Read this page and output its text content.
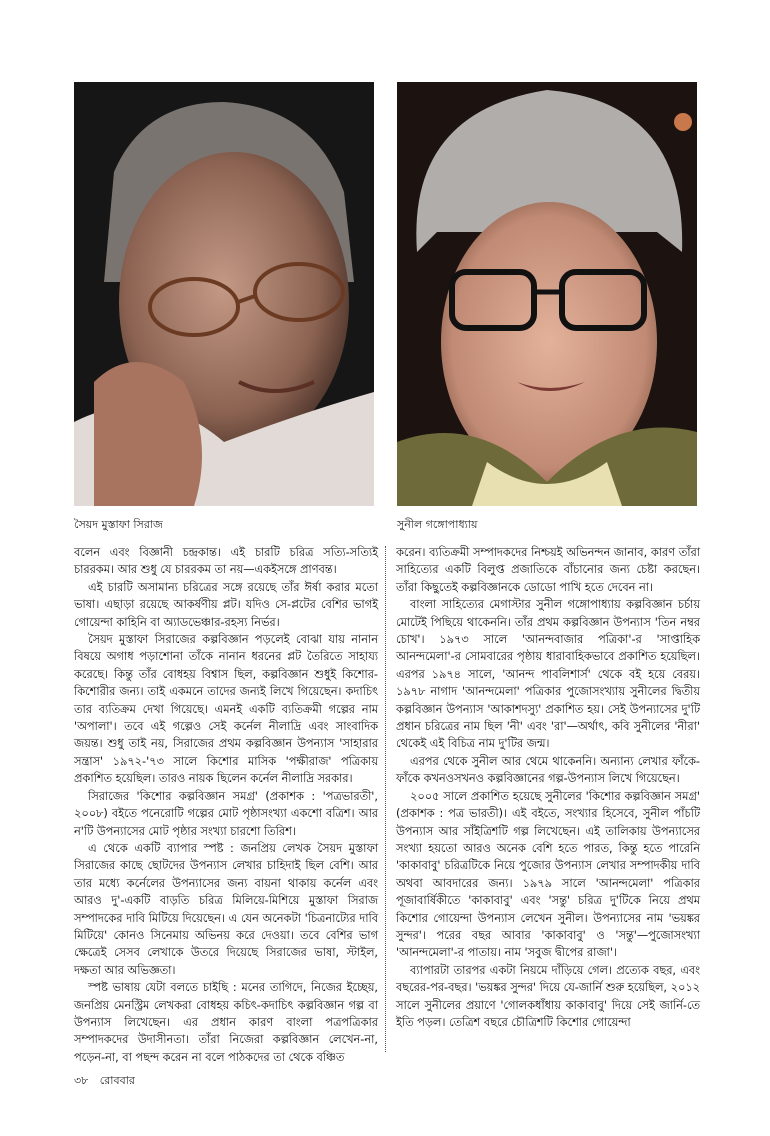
সৈয়দ মুস্তাফা সিরাজ	সুনীল গঙ্গোপাধ্যায়

বলেন এবং বিজ্ঞানী চন্দ্রকান্ত। এই চারটি চরিত্র সত্যি-সত্যিই চাররকম। আর শুধু যে চাররকম তা নয়—একইসঙ্গে প্রাণবন্ত।

এই চারটি অসামান্য চরিত্রের সঙ্গে রয়েছে তাঁর ঈর্ষা করার মতো ভাষা। এছাড়া রয়েছে আকর্ষণীয় প্লট। যদিও সে-প্লটের বেশির ভাগই গোয়েন্দা কাহিনি বা অ্যাডভেঞ্চার-রহস্য নির্ভর।

সৈয়দ মুস্তাফা সিরাজের কল্পবিজ্ঞান পড়লেই বোঝা যায় নানান বিষয়ে অগাধ পড়াশোনা তাঁকে নানান ধরনের প্লট তৈরিতে সাহায্য করেছে। কিন্তু তাঁর বোধহয় বিশ্বাস ছিল, কল্পবিজ্ঞান শুধুই কিশোর-কিশোরীর জন্য। তাই একমনে তাদের জন্যই লিখে গিয়েছেন। কদাচিৎ তার ব্যতিক্রম দেখা গিয়েছে। এমনই একটি ব্যতিক্রমী গল্পের নাম 'অপালা'। তবে এই গল্পেও সেই কর্নেল নীলাদ্রি এবং সাংবাদিক জয়ন্ত। শুধু তাই নয়, সিরাজের প্রথম কল্পবিজ্ঞান উপন্যাস 'সাহারার সন্ত্রাস' ১৯৭২-'৭৩ সালে কিশোর মাসিক 'পক্ষীরাজ' পত্রিকায় প্রকাশিত হয়েছিল। তারও নায়ক ছিলেন কর্নেল নীলাদ্রি সরকার।

সিরাজের 'কিশোর কল্পবিজ্ঞান সমগ্র' (প্রকাশক : 'পত্রভারতী', ২০০৮) বইতে পনেরোটি গল্পের মোট পৃষ্ঠাসংখ্যা একশো বত্রিশ। আর ন'টি উপন্যাসের মোট পৃষ্ঠার সংখ্যা চারশো তিরিশ।

এ থেকে একটি ব্যাপার স্পষ্ট : জনপ্রিয় লেখক সৈয়দ মুস্তাফা সিরাজের কাছে ছোটদের উপন্যাস লেখার চাহিদাই ছিল বেশি। আর তার মধ্যে কর্নেলের উপন্যাসের জন্য বায়না থাকায় কর্নেল এবং আরও দু'-একটি বাড়তি চরিত্র মিলিয়ে-মিশিয়ে মুস্তাফা সিরাজ সম্পাদকের দাবি মিটিয়ে দিয়েছেন। এ যেন অনেকটা 'চিত্রনাট্যের দাবি মিটিয়ে' কোনও সিনেমায় অভিনয় করে দেওয়া। তবে বেশির ভাগ ক্ষেত্রেই সেসব লেখাকে উতরে দিয়েছে সিরাজের ভাষা, স্টাইল, দক্ষতা আর অভিজ্ঞতা।

স্পষ্ট ভাষায় যেটা বলতে চাইছি : মনের তাগিদে, নিজের ইচ্ছেয়, জনপ্রিয় মেনস্ট্রিম লেখকরা বোধহয় কচিৎ-কদাচিৎ কল্পবিজ্ঞান গল্প বা উপন্যাস লিখেছেন। এর প্রধান কারণ বাংলা পত্রপত্রিকার সম্পাদকদের উদাসীনতা। তাঁরা নিজেরা কল্পবিজ্ঞান লেখেন-না, পড়েন-না, বা পছন্দ করেন না বলে পাঠকদের তা থেকে বঞ্চিত

করেন। ব্যতিক্রমী সম্পাদকদের নিশ্চয়ই অভিনন্দন জানাব, কারণ তাঁরা সাহিত্যের একটি বিলুপ্ত প্রজাতিকে বাঁচানোর জন্য চেষ্টা করছেন। তাঁরা কিছুতেই কল্পবিজ্ঞানকে ডোডো পাখি হতে দেবেন না।

বাংলা সাহিত্যের মেগাস্টার সুনীল গঙ্গোপাধ্যায় কল্পবিজ্ঞান চর্চায় মোটেই পিছিয়ে থাকেননি। তাঁর প্রথম কল্পবিজ্ঞান উপন্যাস 'তিন নম্বর চোখ'। ১৯৭৩ সালে 'আনন্দবাজার পত্রিকা'-র 'সাপ্তাহিক আনন্দমেলা'-র সোমবারের পৃষ্ঠায় ধারাবাহিকভাবে প্রকাশিত হয়েছিল। এরপর ১৯৭৪ সালে, 'আনন্দ পাবলিশার্স' থেকে বই হয়ে বেরয়। ১৯৭৮ নাগাদ 'আনন্দমেলা' পত্রিকার পুজোসংখ্যায় সুনীলের দ্বিতীয় কল্পবিজ্ঞান উপন্যাস 'আকাশদস্যু' প্রকাশিত হয়। সেই উপন্যাসের দু'টি প্রধান চরিত্রের নাম ছিল 'নী' এবং 'রা'—অর্থাৎ, কবি সুনীলের 'নীরা' থেকেই এই বিচিত্র নাম দু'টির জন্ম।

এরপর থেকে সুনীল আর থেমে থাকেননি। অন্যান্য লেখার ফাঁকে-ফাঁকে কখনওসখনও কল্পবিজ্ঞানের গল্প-উপন্যাস লিখে গিয়েছেন।

২০০৫ সালে প্রকাশিত হয়েছে সুনীলের 'কিশোর কল্পবিজ্ঞান সমগ্র' (প্রকাশক : পত্র ভারতী)। এই বইতে, সংখ্যার হিসেবে, সুনীল পাঁচটি উপন্যাস আর সাঁইত্রিশটি গল্প লিখেছেন। এই তালিকায় উপন্যাসের সংখ্যা হয়তো আরও অনেক বেশি হতে পারত, কিন্তু হতে পারেনি 'কাকাবাবু' চরিত্রটিকে নিয়ে পুজোর উপন্যাস লেখার সম্পাদকীয় দাবি অথবা আবদারের জন্য। ১৯৭৯ সালে 'আনন্দমেলা' পত্রিকার পূজাবার্ষিকীতে 'কাকাবাবু' এবং 'সন্তু' চরিত্র দু'টিকে নিয়ে প্রথম কিশোর গোয়েন্দা উপন্যাস লেখেন সুনীল। উপন্যাসের নাম 'ভয়ঙ্কর সুন্দর'। পরের বছর আবার 'কাকাবাবু' ও 'সন্তু'—পুজোসংখ্যা 'আনন্দমেলা'-র পাতায়। নাম 'সবুজ দ্বীপের রাজা'।

ব্যাপারটা তারপর একটা নিয়মে দাঁড়িয়ে গেল। প্রত্যেক বছর, এবং বছরের-পর-বছর। 'ভয়ঙ্কর সুন্দর' দিয়ে যে-জার্নি শুরু হয়েছিল, ২০১২ সালে সুনীলের প্রয়াণে 'গোলকধাঁধায় কাকাবাবু' দিয়ে সেই জার্নি-তে ইতি পড়ল। তেত্রিশ বছরে চৌত্রিশটি কিশোর গোয়েন্দা

৩৮ রোববার
